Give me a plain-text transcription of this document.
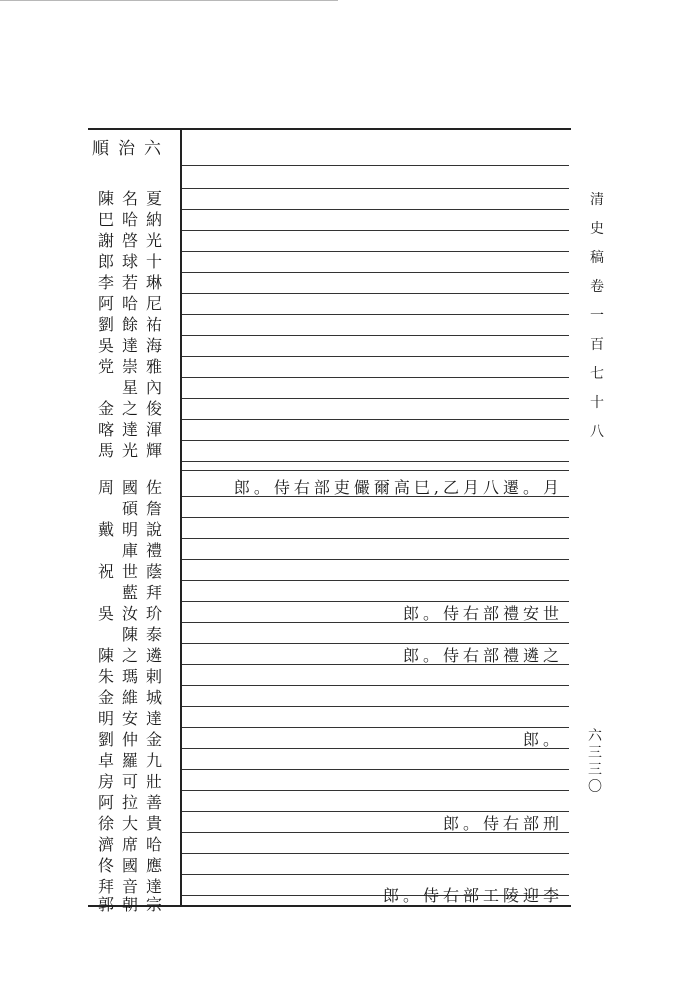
順治六
陳名夏
巴哈納
謝啓光
郎球十
李若琳
阿哈尼
劉餘祐
吳達海
党崇雅
星內
金之俊
喀達渾
馬光輝
周國佐
碩詹
戴明說
庫禮
祝世蔭
藍拜
吳汝玠
陳泰
陳之遴
朱瑪剌
金維城
明安達
劉仲金
卓羅九
房可壯
阿拉善
徐大貴
濟席哈
佟國應
拜音達
郭朝宗
郎。侍右部吏儼爾高巳,乙月八遷。月
郎。侍右部禮安世
郎。侍右部禮遴之
郎。
郎。侍右部刑
郎。侍右部工陵迎李
清史稿卷一百七十八
六三三〇
